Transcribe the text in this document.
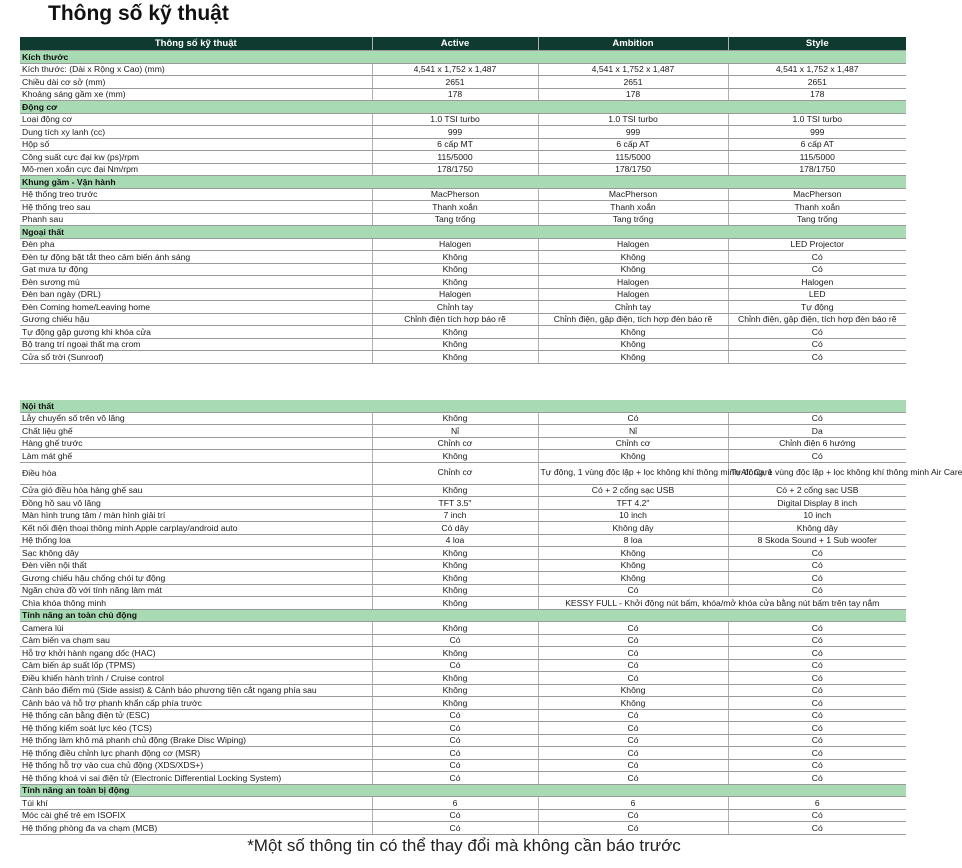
Thông số kỹ thuật
Thông số kỹ thuật	Active	Ambition	Style
Kích thước			
Kích thước: (Dài x Rộng x Cao) (mm)	4,541 x 1,752 x 1,487	4,541 x 1,752 x 1,487	4,541 x 1,752 x 1,487
Chiều dài cơ sở (mm)	2651	2651	2651
Khoảng sáng gầm xe (mm)	178	178	178
Động cơ			
Loại động cơ	1.0 TSI turbo	1.0 TSI turbo	1.0 TSI turbo
Dung tích xy lanh (cc)	999	999	999
Hộp số	6 cấp MT	6 cấp AT	6 cấp AT
Công suất cực đại kw (ps)/rpm	115/5000	115/5000	115/5000
Mô-men xoắn cực đại Nm/rpm	178/1750	178/1750	178/1750
Khung gầm - Vận hành			
Hệ thống treo trước	MacPherson	MacPherson	MacPherson
Hệ thống treo sau	Thanh xoắn	Thanh xoắn	Thanh xoắn
Phanh sau	Tang trống	Tang trống	Tang trống
Ngoại thất			
Đèn pha	Halogen	Halogen	LED Projector
Đèn tự động bật tắt theo cảm biến ánh sáng	Không	Không	Có
Gạt mưa tự động	Không	Không	Có
Đèn sương mù	Không	Halogen	Halogen
Đèn ban ngày (DRL)	Halogen	Halogen	LED
Đèn Coming home/Leaving home	Chỉnh tay	Chỉnh tay	Tự động
Gương chiếu hậu	Chỉnh điện tích hợp báo rẽ	Chỉnh điện, gập điện, tích hợp đèn báo rẽ	Chỉnh điện, gập điện, tích hợp đèn báo rẽ
Tự động gập gương khi khóa cửa	Không	Không	Có
Bộ trang trí ngoại thất mạ crom	Không	Không	Có
Cửa sổ trời (Sunroof)	Không	Không	Có
Nội thất			
Lẫy chuyển số trên vô lăng	Không	Có	Có
Chất liệu ghế	Nỉ	Nỉ	Da
Hàng ghế trước	Chỉnh cơ	Chỉnh cơ	Chỉnh điện 6 hướng
Làm mát ghế	Không	Không	Có
Điều hòa	Chỉnh cơ	Tự động, 1 vùng độc lập + lọc không khí thông minh Air Care	Tự động, 1 vùng độc lập + lọc không khí thông minh Air Care
Cửa gió điều hòa hàng ghế sau	Không	Có + 2 cổng sạc USB	Có + 2 cổng sạc USB
Đồng hồ sau vô lăng	TFT 3.5"	TFT 4.2"	Digital Display 8 inch
Màn hình trung tâm / màn hình giải trí	7 inch	10 inch	10 inch
Kết nối điện thoại thông minh Apple carplay/android auto	Có dây	Không dây	Không dây
Hệ thống loa	4 loa	8 loa	8 Skoda Sound + 1 Sub woofer
Sạc không dây	Không	Không	Có
Đèn viền nội thất	Không	Không	Có
Gương chiếu hậu chống chói tự động	Không	Không	Có
Ngăn chứa đồ với tính năng làm mát	Không	Có	Có
Chìa khóa thông minh	Không	KESSY FULL - Khởi động nút bấm, khóa/mở khóa cửa bằng nút bấm trên tay nắm	
Tính năng an toàn chủ động			
Camera lùi	Không	Có	Có
Cảm biến va chạm sau	Có	Có	Có
Hỗ trợ khởi hành ngang dốc (HAC)	Không	Có	Có
Cảm biến áp suất lốp (TPMS)	Có	Có	Có
Điều khiển hành trình / Cruise control	Không	Có	Có
Cảnh báo điểm mù (Side assist) & Cảnh báo phương tiện cắt ngang phía sau	Không	Không	Có
Cảnh báo và hỗ trợ phanh khẩn cấp phía trước	Không	Không	Có
Hệ thống cân bằng điện tử (ESC)	Có	Có	Có
Hệ thống kiểm soát lực kéo (TCS)	Có	Có	Có
Hệ thống làm khô má phanh chủ động (Brake Disc Wiping)	Có	Có	Có
Hệ thống điều chỉnh lực phanh động cơ (MSR)	Có	Có	Có
Hệ thống hỗ trợ vào cua chủ động (XDS/XDS+)	Có	Có	Có
Hệ thống khoá vi sai điện tử (Electronic Differential Locking System)	Có	Có	Có
Tính năng an toàn bị động			
Túi khí	6	6	6
Móc cài ghế trẻ em ISOFIX	Có	Có	Có
Hệ thống phòng đa va chạm (MCB)	Có	Có	Có
*Một số thông tin có thể thay đổi mà không cần báo trước
